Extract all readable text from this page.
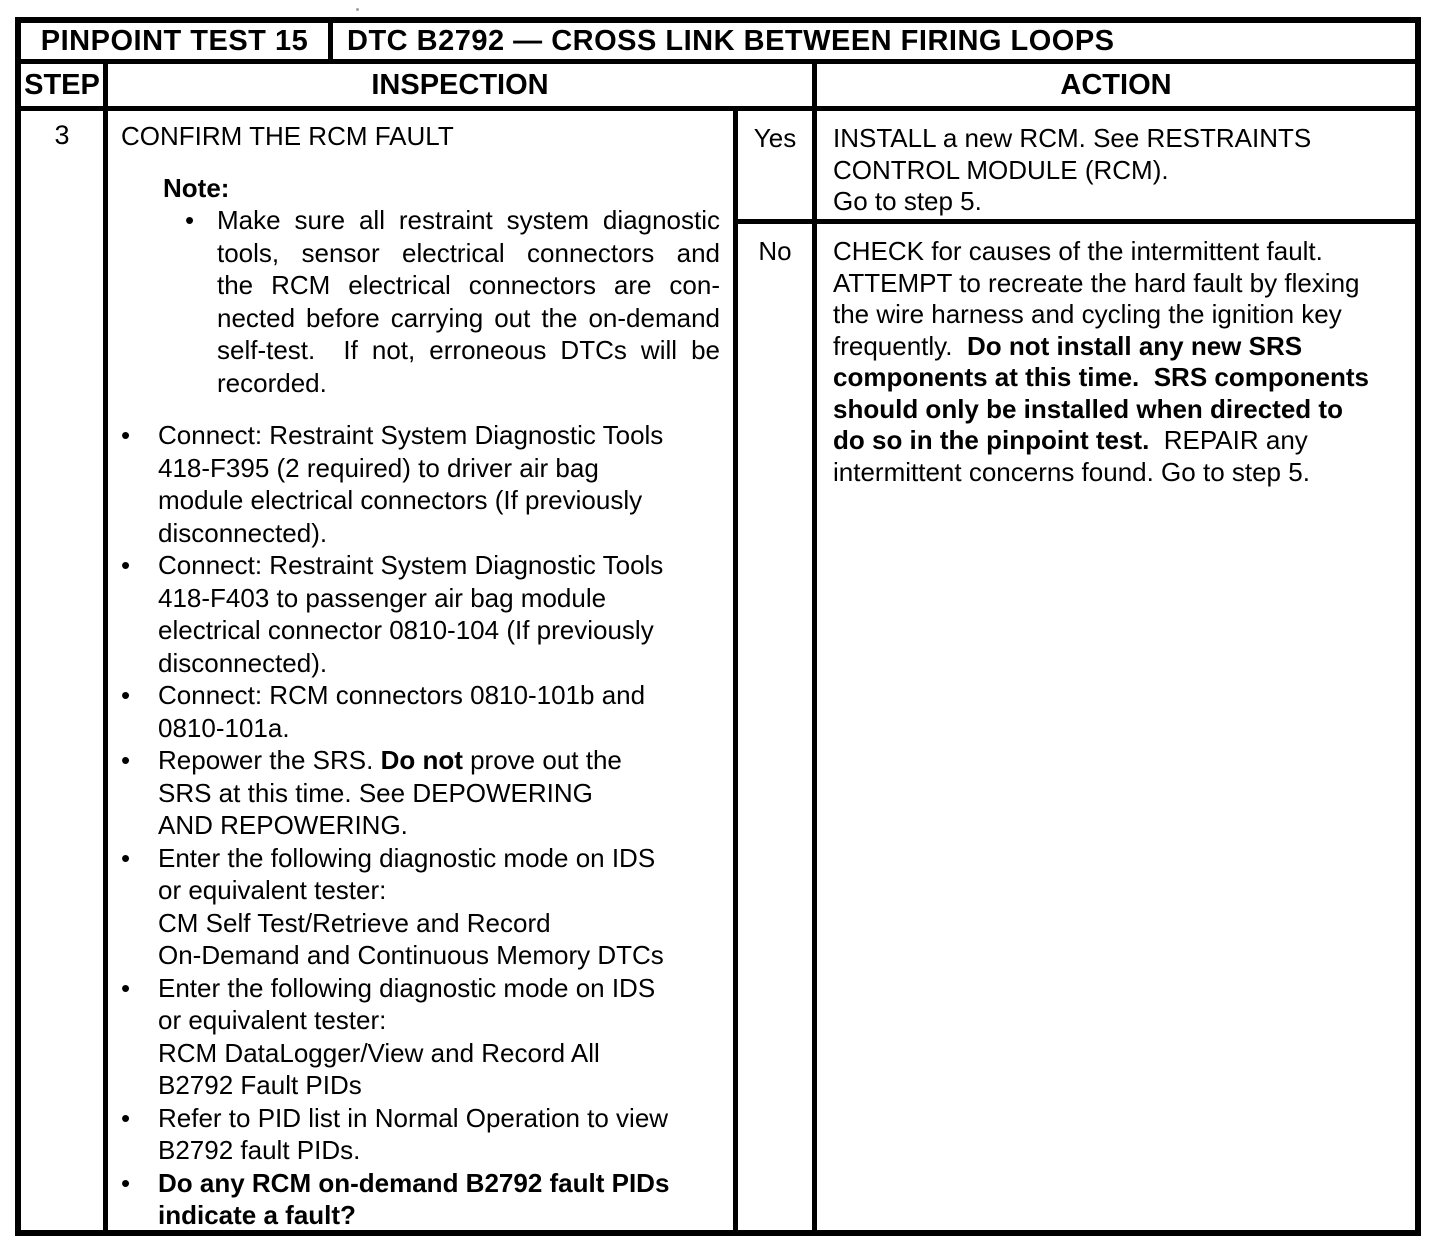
PINPOINT TEST 15	DTC B2792 — CROSS LINK BETWEEN FIRING LOOPS
STEP	INSPECTION	ACTION
3	CONFIRM THE RCM FAULT
Note:
• Make sure all restraint system diagnostic
tools, sensor electrical connectors and
the RCM electrical connectors are con-
nected before carrying out the on-demand
self-test.  If not, erroneous DTCs will be
recorded.
•	Connect: Restraint System Diagnostic Tools
418-F395 (2 required) to driver air bag
module electrical connectors (If previously
disconnected).
•	Connect: Restraint System Diagnostic Tools
418-F403 to passenger air bag module
electrical connector 0810-104 (If previously
disconnected).
•	Connect: RCM connectors 0810-101b and
0810-101a.
•	Repower the SRS. Do not prove out the
SRS at this time. See DEPOWERING
AND REPOWERING.
•	Enter the following diagnostic mode on IDS
or equivalent tester:
CM Self Test/Retrieve and Record
On-Demand and Continuous Memory DTCs
•	Enter the following diagnostic mode on IDS
or equivalent tester:
RCM DataLogger/View and Record All
B2792 Fault PIDs
•	Refer to PID list in Normal Operation to view
B2792 fault PIDs.
•	Do any RCM on-demand B2792 fault PIDs
indicate a fault?
Yes	INSTALL a new RCM. See RESTRAINTS
CONTROL MODULE (RCM).
Go to step 5.
No	CHECK for causes of the intermittent fault.
ATTEMPT to recreate the hard fault by flexing
the wire harness and cycling the ignition key
frequently.  Do not install any new SRS
components at this time.  SRS components
should only be installed when directed to
do so in the pinpoint test.  REPAIR any
intermittent concerns found. Go to step 5.
